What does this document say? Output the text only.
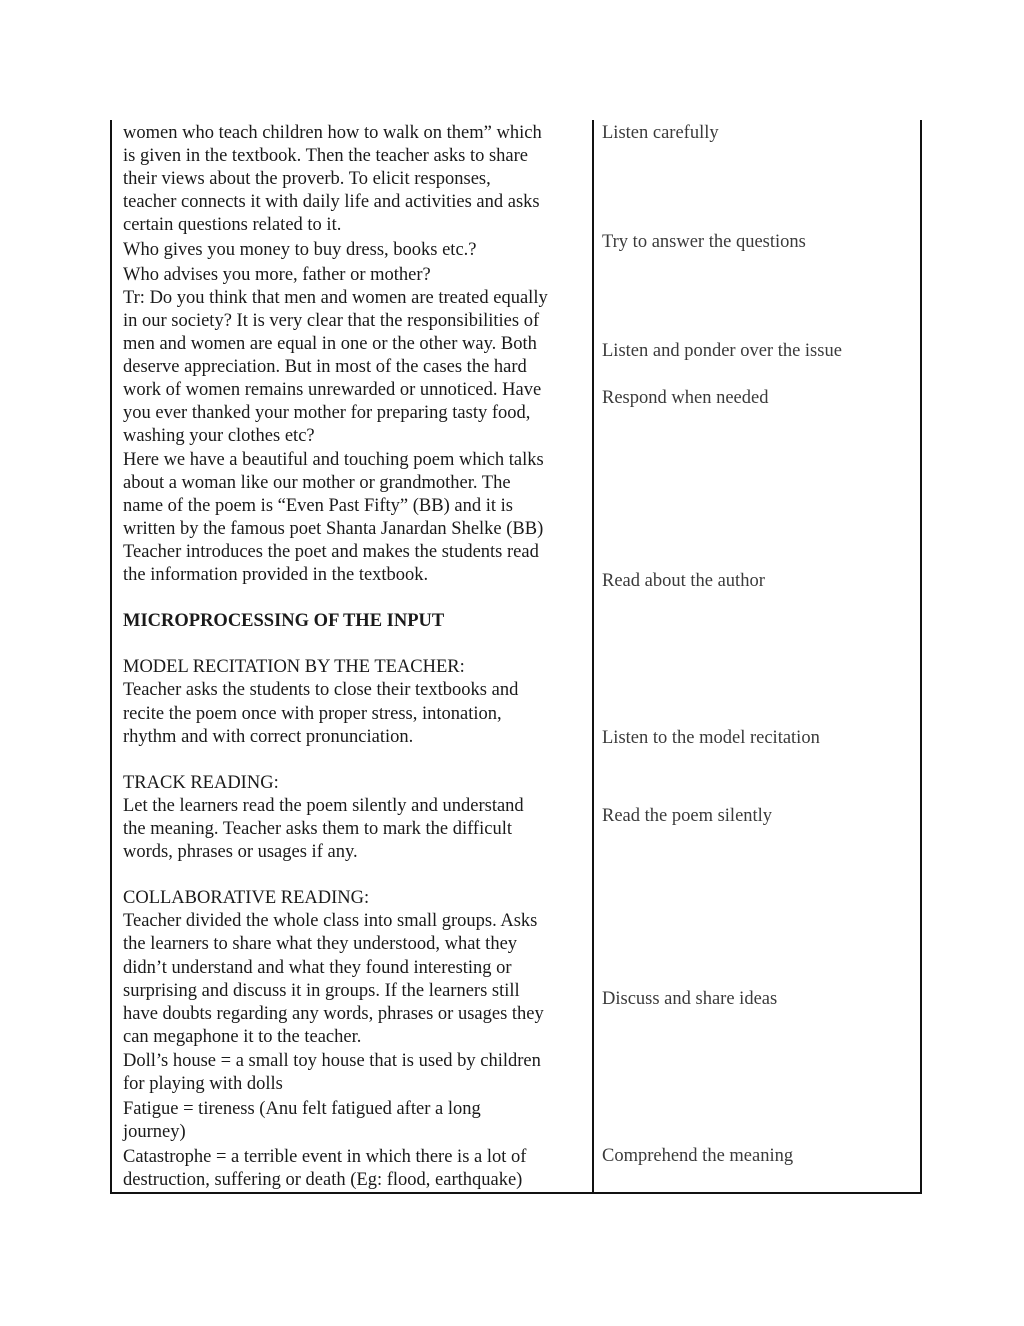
women who teach children how to walk on them” which
is given in the textbook. Then the teacher asks to share
their views about the proverb. To elicit responses,
teacher connects it with daily life and activities and asks
certain questions related to it.
Who gives you money to buy dress, books etc.?
Who advises you more, father or mother?
Tr: Do you think that men and women are treated equally
in our society? It is very clear that the responsibilities of
men and women are equal in one or the other way. Both
deserve appreciation. But in most of the cases the hard
work of women remains unrewarded or unnoticed. Have
you ever thanked your mother for preparing tasty food,
washing your clothes etc?
Here we have a beautiful and touching poem which talks
about a woman like our mother or grandmother. The
name of the poem is “Even Past Fifty” (BB) and it is
written by the famous poet Shanta Janardan Shelke (BB)
Teacher introduces the poet and makes the students read
the information provided in the textbook.
MICROPROCESSING OF THE INPUT
MODEL RECITATION BY THE TEACHER:
Teacher asks the students to close their textbooks and
recite the poem once with proper stress, intonation,
rhythm and with correct pronunciation.
TRACK READING:
Let the learners read the poem silently and understand
the meaning. Teacher asks them to mark the difficult
words, phrases or usages if any.
COLLABORATIVE READING:
Teacher divided the whole class into small groups. Asks
the learners to share what they understood, what they
didn’t understand and what they found interesting or
surprising and discuss it in groups. If the learners still
have doubts regarding any words, phrases or usages they
can megaphone it to the teacher.
Doll’s house = a small toy house that is used by children
for playing with dolls
Fatigue = tireness (Anu felt fatigued after a long
journey)
Catastrophe = a terrible event in which there is a lot of
destruction, suffering or death (Eg: flood, earthquake)
Listen carefully
Try to answer the questions
Listen and ponder over the issue
Respond when needed
Read about the author
Listen to the model recitation
Read the poem silently
Discuss and share ideas
Comprehend the meaning
